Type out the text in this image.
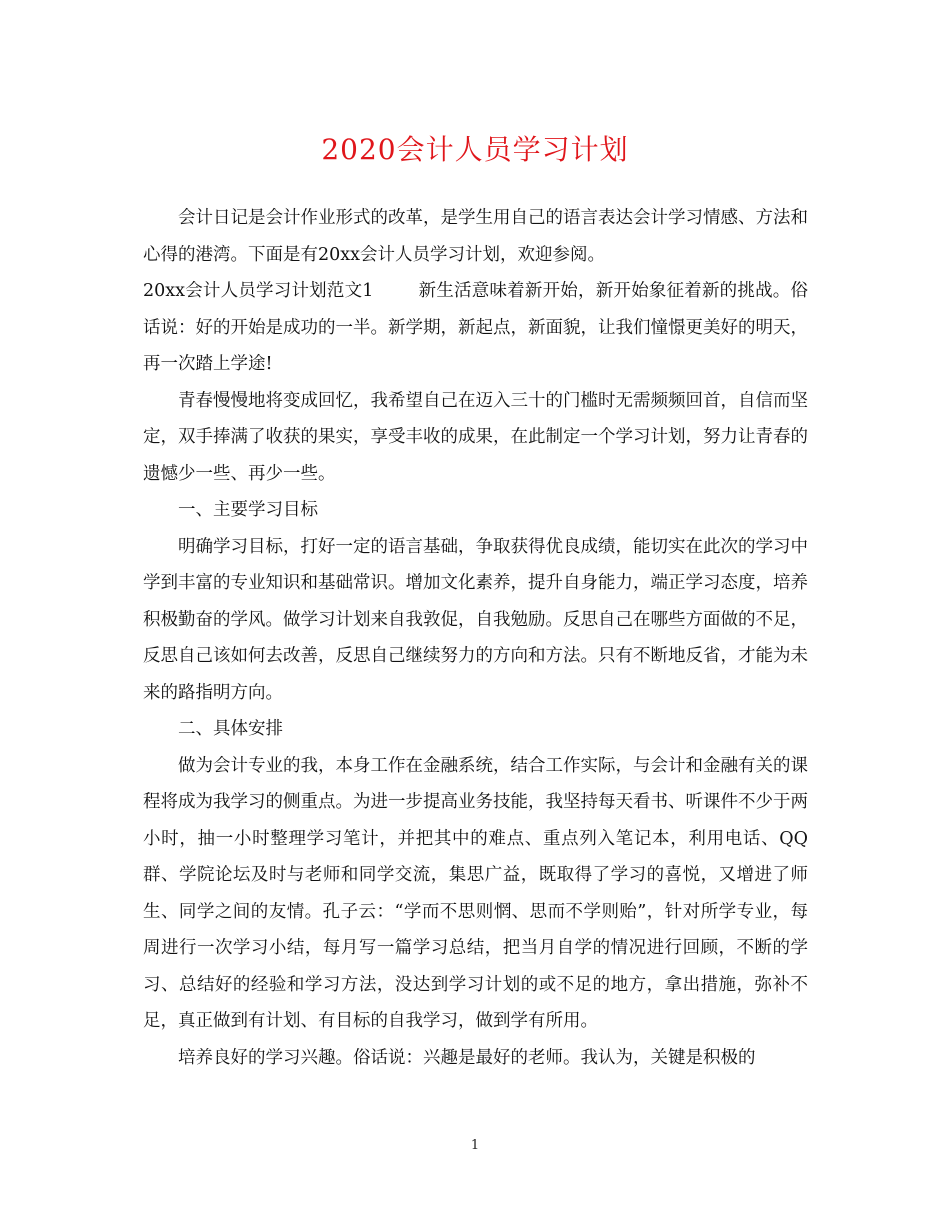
2020会计人员学习计划

会计日记是会计作业形式的改革，是学生用自己的语言表达会计学习情感、方法和心得的港湾。下面是有20xx会计人员学习计划，欢迎参阅。

20xx会计人员学习计划范文1	新生活意味着新开始，新开始象征着新的挑战。俗话说：好的开始是成功的一半。新学期，新起点，新面貌，让我们憧憬更美好的明天，再一次踏上学途!

青春慢慢地将变成回忆，我希望自己在迈入三十的门槛时无需频频回首，自信而坚定，双手捧满了收获的果实，享受丰收的成果，在此制定一个学习计划，努力让青春的遗憾少一些、再少一些。

一、主要学习目标

明确学习目标，打好一定的语言基础，争取获得优良成绩，能切实在此次的学习中学到丰富的专业知识和基础常识。增加文化素养，提升自身能力，端正学习态度，培养积极勤奋的学风。做学习计划来自我敦促，自我勉励。反思自己在哪些方面做的不足，反思自己该如何去改善，反思自己继续努力的方向和方法。只有不断地反省，才能为未来的路指明方向。

二、具体安排

做为会计专业的我，本身工作在金融系统，结合工作实际，与会计和金融有关的课程将成为我学习的侧重点。为进一步提高业务技能，我坚持每天看书、听课件不少于两小时，抽一小时整理学习笔计，并把其中的难点、重点列入笔记本，利用电话、QQ群、学院论坛及时与老师和同学交流，集思广益，既取得了学习的喜悦，又增进了师生、同学之间的友情。孔子云：“学而不思则惘、思而不学则贻”，针对所学专业，每周进行一次学习小结，每月写一篇学习总结，把当月自学的情况进行回顾，不断的学习、总结好的经验和学习方法，没达到学习计划的或不足的地方，拿出措施，弥补不足，真正做到有计划、有目标的自我学习，做到学有所用。

培养良好的学习兴趣。俗话说：兴趣是最好的老师。我认为，关键是积极的

1
